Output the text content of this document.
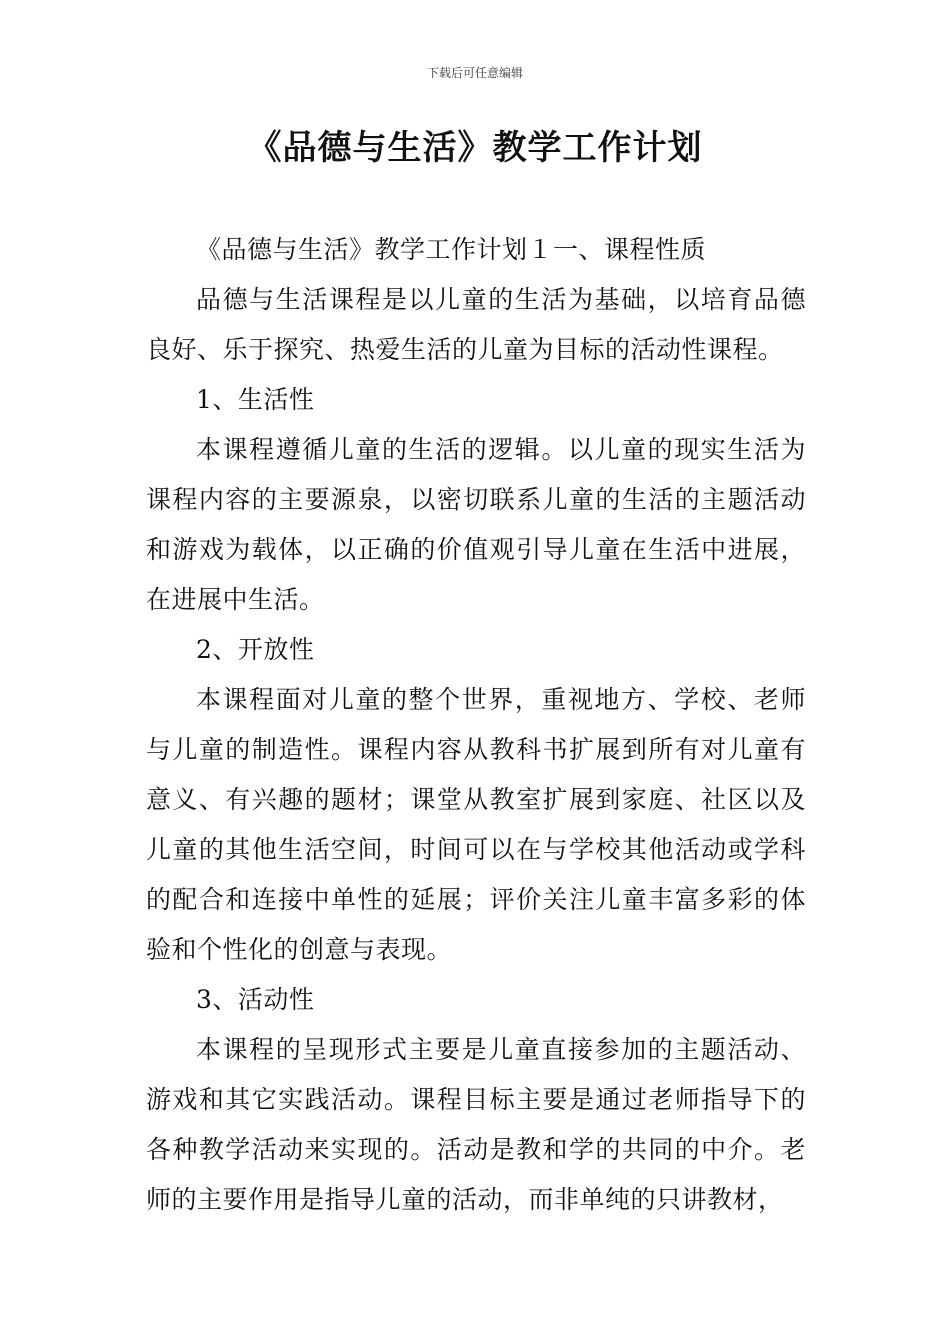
下载后可任意编辑
《品德与生活》教学工作计划

《品德与生活》教学工作计划１一、课程性质

品德与生活课程是以儿童的生活为基础，以培育品德良好、乐于探究、热爱生活的儿童为目标的活动性课程。

1、生活性

本课程遵循儿童的生活的逻辑。以儿童的现实生活为课程内容的主要源泉，以密切联系儿童的生活的主题活动和游戏为载体，以正确的价值观引导儿童在生活中进展，在进展中生活。

2、开放性

本课程面对儿童的整个世界，重视地方、学校、老师与儿童的制造性。课程内容从教科书扩展到所有对儿童有意义、有兴趣的题材；课堂从教室扩展到家庭、社区以及儿童的其他生活空间，时间可以在与学校其他活动或学科的配合和连接中单性的延展；评价关注儿童丰富多彩的体验和个性化的创意与表现。

3、活动性

本课程的呈现形式主要是儿童直接参加的主题活动、游戏和其它实践活动。课程目标主要是通过老师指导下的各种教学活动来实现的。活动是教和学的共同的中介。老师的主要作用是指导儿童的活动，而非单纯的只讲教材，
